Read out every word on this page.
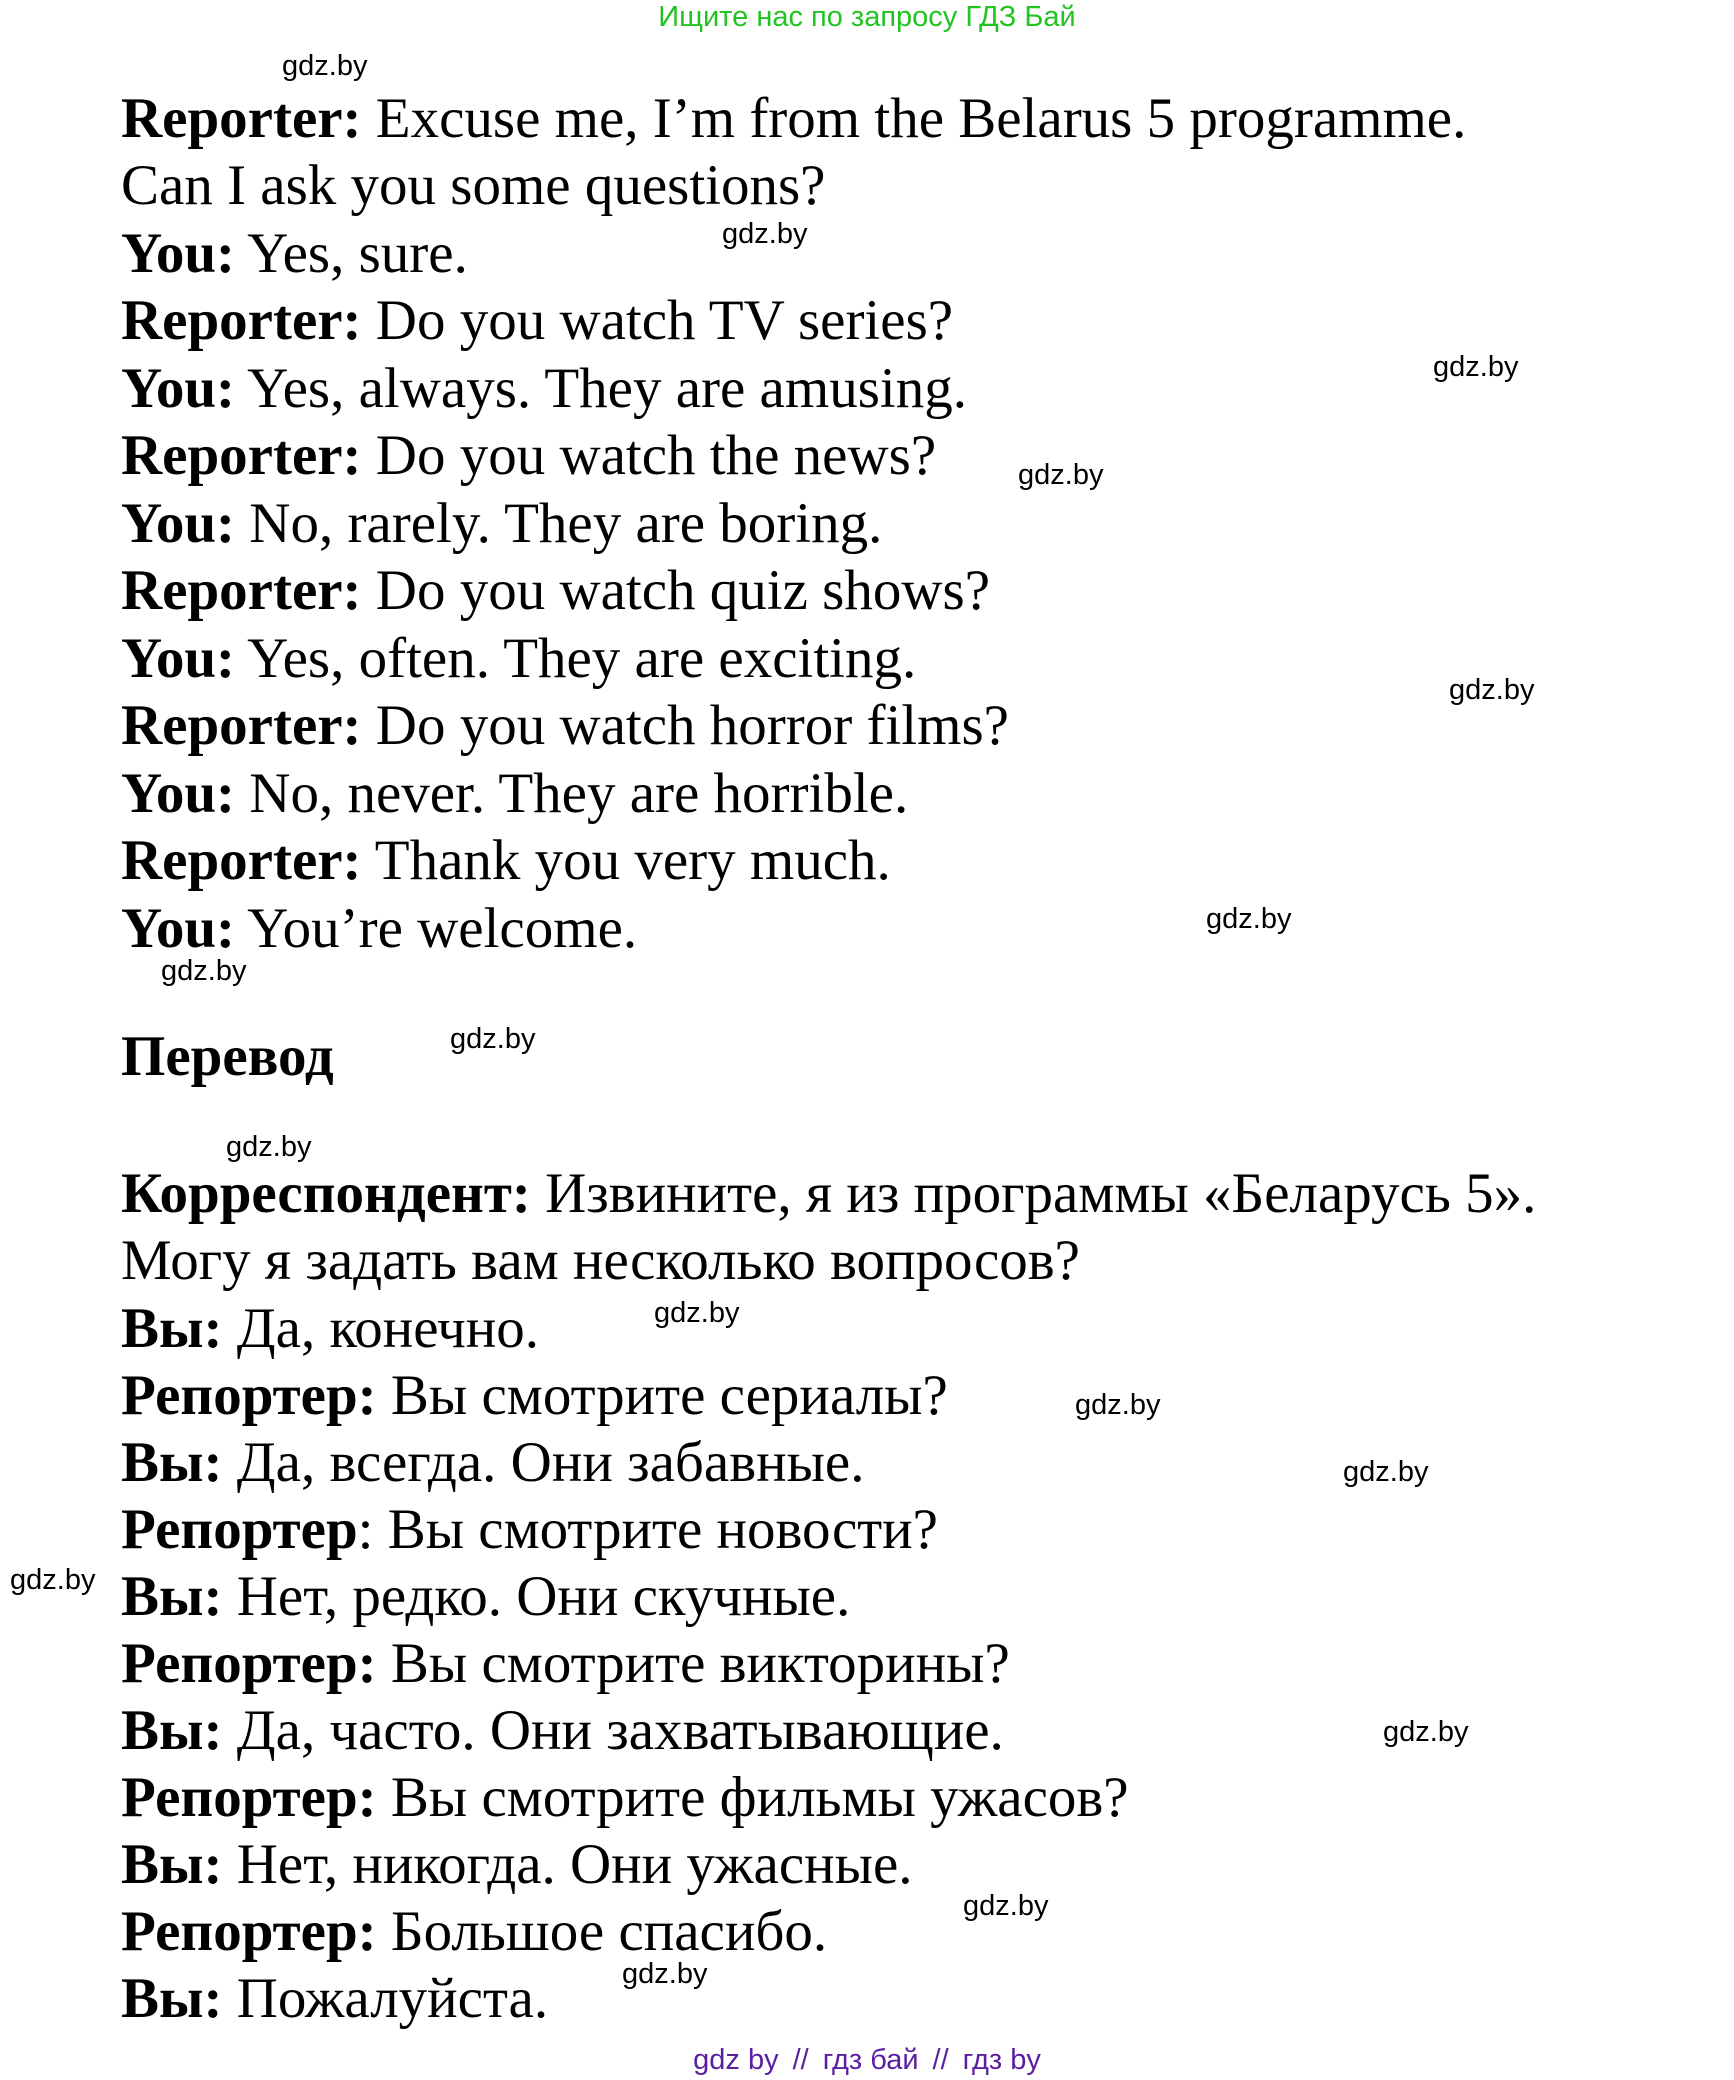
Ищите нас по запросу ГДЗ Бай
Reporter: Excuse me, I’m from the Belarus 5 programme.
Can I ask you some questions?
You: Yes, sure.
Reporter: Do you watch TV series?
You: Yes, always. They are amusing.
Reporter: Do you watch the news?
You: No, rarely. They are boring.
Reporter: Do you watch quiz shows?
You: Yes, often. They are exciting.
Reporter: Do you watch horror films?
You: No, never. They are horrible.
Reporter: Thank you very much.
You: You’re welcome.
Перевод
Корреспондент: Извините, я из программы «Беларусь 5».
Могу я задать вам несколько вопросов?
Вы: Да, конечно.
Репортер: Вы смотрите сериалы?
Вы: Да, всегда. Они забавные.
Репортер: Вы смотрите новости?
Вы: Нет, редко. Они скучные.
Репортер: Вы смотрите викторины?
Вы: Да, часто. Они захватывающие.
Репортер: Вы смотрите фильмы ужасов?
Вы: Нет, никогда. Они ужасные.
Репортер: Большое спасибо.
Вы: Пожалуйста.
gdz.by
gdz.by
gdz.by
gdz.by
gdz.by
gdz.by
gdz.by
gdz.by
gdz.by
gdz.by
gdz.by
gdz.by
gdz.by
gdz.by
gdz.by
gdz.by
gdz by // гдз бай // гдз by
